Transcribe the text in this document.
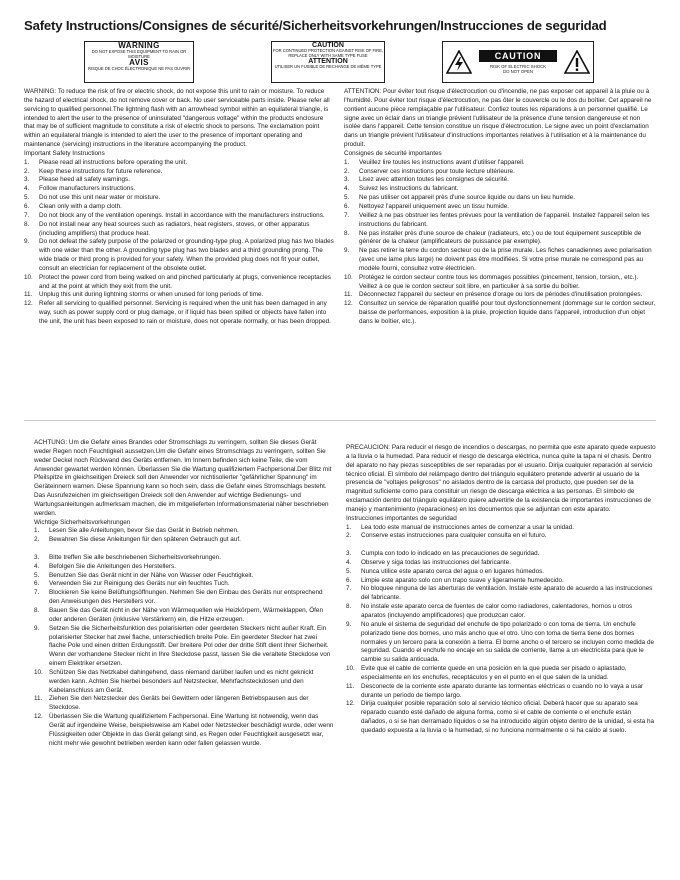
Safety Instructions/Consignes de sécurité/Sicherheitsvorkehrungen/Instrucciones de seguridad
WARNING
DO NOT EXPOSE THIS EQUIPMENT TO RAIN OR MOISTURE
AVIS
RISQUE DE CHOC ÉLECTRONIQUE NE PAS OUVRIR
CAUTION
FOR CONTINUED PROTECTION AGAINST RISK OF FIRE, REPLACE ONLY WITH SAME TYPE FUSE
ATTENTION
UTILISER UN FUSIBLE DE RECHANGE DE MÊME TYPE
CAUTION
RISK OF ELECTRIC SHOCK
DO NOT OPEN

WARNING: To reduce the risk of fire or electric shock, do not expose this unit to rain or moisture. To reduce the hazard of electrical shock, do not remove cover or back. No user serviceable parts inside. Please refer all servicing to qualified personnel.The lightning flash with an arrowhead symbol within an equilateral triangle, is intended to alert the user to the presence of uninsulated "dangerous voltage" within the products enclosure that may be of sufficient magnitude to constitute a risk of electric shock to persons. The exclamation point within an equilateral triangle is intended to alert the user to the presence of important operating and maintenance (servicing) instructions in the literature accompanying the product.

Important Safety Instructions

1. Please read all instructions before operating the unit.
2. Keep these instructions for future reference.
3. Please heed all safety warnings.
4. Follow manufacturers instructions.
5. Do not use this unit near water or moisture.
6. Clean only with a damp cloth.
7. Do not block any of the ventilation openings. Install in accordance with the manufacturers instructions.
8. Do not install near any heat sources such as radiators, heat registers, stoves, or other apparatus (including amplifiers) that produce heat.
9. Do not defeat the safety purpose of the polarized or grounding-type plug. A polarized plug has two blades with one wider than the other. A grounding type plug has two blades and a third grounding prong. The wide blade or third prong is provided for your safety. When the provided plug does not fit your outlet, consult an electrician for replacement of the obsolete outlet.
10. Protect the power cord from being walked on and pinched particularly at plugs, convenience receptacles and at the point at which they exit from the unit.
11. Unplug this unit during lightning storms or when unused for long periods of time.
12. Refer all servicing to qualified personnel. Servicing is required when the unit has been damaged in any way, such as power supply cord or plug damage, or if liquid has been spilled or objects have fallen into the unit, the unit has been exposed to rain or moisture, does not operate normally, or has been dropped.

ATTENTION: Pour éviter tout risque d'électrocution ou d'incendie, ne pas exposer cet appareil à la pluie ou à l'humidité. Pour éviter tout risque d'électrocution, ne pas ôter le couvercle ou le dos du boîtier. Cet appareil ne contient aucune pièce remplaçable par l'utilisateur. Confiez toutes les réparations à un personnel qualifié. Le signe avec un éclair dans un triangle prévient l'utilisateur de la présence d'une tension dangereuse et non isolée dans l'appareil. Cette tension constitue un risque d'électrocution. Le signe avec un point d'exclamation dans un triangle prévient l'utilisateur d'instructions importantes relatives à l'utilisation et à la maintenance du produit.

Consignes de sécurité importantes

1. Veuillez lire toutes les instructions avant d'utiliser l'appareil.
2. Conserver ces instructions pour toute lecture ultérieure.
3. Lisez avec attention toutes les consignes de sécurité.
4. Suivez les instructions du fabricant.
5. Ne pas utiliser cet appareil près d'une source liquide ou dans un lieu humide.
6. Nettoyez l'appareil uniquement avec un tissu humide.
7. Veillez à ne pas obstruer les fentes prévues pour la ventilation de l'appareil. Installez l'appareil selon les instructions du fabricant.
8. Ne pas installer près d'une source de chaleur (radiateurs, etc.) ou de tout équipement susceptible de générer de la chaleur (amplificateurs de puissance par exemple).
9. Ne pas retirer la terre du cordon secteur ou de la prise murale. Les fiches canadiennes avec polarisation (avec une lame plus large) ne doivent pas être modifiées. Si votre prise murale ne correspond pas au modèle fourni, consultez votre électricien.
10. Protégez le cordon secteur contre tous les dommages possibles (pincement, tension, torsion,, etc.). Veillez à ce que le cordon secteur soit libre, en particulier à sa sortie du boîtier.
11. Déconnectez l'appareil du secteur en présence d'orage ou lors de périodes d'inutilisation prolongées.
12. Consultez un service de réparation qualifié pour tout dysfonctionnement (dommage sur le cordon secteur, baisse de performances, exposition à la pluie, projection liquide dans l'appareil, introduction d'un objet dans le boîtier, etc.).

ACHTUNG: Um die Gefahr eines Brandes oder Stromschlags zu verringern, sollten Sie dieses Gerät weder Regen noch Feuchtigkeit aussetzen.Um die Gefahr eines Stromschlags zu verringern, sollten Sie weder Deckel noch Rückwand des Geräts entfernen. Im Innern befinden sich keine Teile, die vom Anwender gewartet werden können. Überlassen Sie die Wartung qualifiziertem Fachpersonal.Der Blitz mit Pfeilspitze im gleichseitigen Dreieck soll den Anwender vor nichtisolierter "gefährlicher Spannung" im Geräteinnern warnen. Diese Spannung kann so hoch sein, dass die Gefahr eines Stromschlags besteht. Das Ausrufezeichen im gleichseitigen Dreieck soll den Anwender auf wichtige Bedienungs- und Wartungsanleitungen aufmerksam machen, die im mitgelieferten Informationsmaterial näher beschrieben werden.

Wichtige Sicherheitsvorkehrungen

1. Lesen Sie alle Anleitungen, bevor Sie das Gerät in Betrieb nehmen.
2. Bewahren Sie diese Anleitungen für den späteren Gebrauch gut auf.
3. Bitte treffen Sie alle beschriebenen Sicherheitsvorkehrungen.
4. Befolgen Sie die Anleitungen des Herstellers.
5. Benutzen Sie das Gerät nicht in der Nähe von Wasser oder Feuchtigkeit.
6. Verwenden Sie zur Reinigung des Geräts nur ein feuchtes Tuch.
7. Blockieren Sie keine Belüftungsöffnungen. Nehmen Sie den Einbau des Geräts nur entsprechend den Anweisungen des Herstellers vor.
8. Bauen Sie das Gerät nicht in der Nähe von Wärmequellen wie Heizkörpern, Wärmeklappen, Öfen oder anderen Geräten (inklusive Verstärkern) ein, die Hitze erzeugen.
9. Setzen Sie die Sicherheitsfunktion des polarisierten oder geerdeten Steckers nicht außer Kraft. Ein polarisierter Stecker hat zwei flache, unterschiedlich breite Pole. Ein geerdeter Stecker hat zwei flache Pole und einen dritten Erdungsstift. Der breitere Pol oder der dritte Stift dient Ihrer Sicherheit. Wenn der vorhandene Stecker nicht in Ihre Steckdose passt, lassen Sie die veraltete Steckdose von einem Elektriker ersetzen.
10. Schützen Sie das Netzkabel dahingehend, dass niemand darüber laufen und es nicht geknickt werden kann. Achten Sie hierbei besonders auf Netzstecker, Mehrfachsteckdosen und den Kabelanschluss am Gerät.
11. Ziehen Sie den Netzstecker des Geräts bei Gewittern oder längeren Betriebspausen aus der Steckdose.
12. Überlassen Sie die Wartung qualifiziertem Fachpersonal. Eine Wartung ist notwendig, wenn das Gerät auf irgendeine Weise, beispielsweise am Kabel oder Netzstecker beschädigt wurde, oder wenn Flüssigkeiten oder Objekte in das Gerät gelangt sind, es Regen oder Feuchtigkeit ausgesetzt war, nicht mehr wie gewohnt betrieben werden kann oder fallen gelassen wurde.

PRECAUCION: Para reducir el riesgo de incendios o descargas, no permita que este aparato quede expuesto a la lluvia o la humedad. Para reducir el riesgo de descarga eléctrica, nunca quite la tapa ni el chasis. Dentro del aparato no hay piezas susceptibles de ser reparadas por el usuario. Dirija cualquier reparación al servicio técnico oficial. El símbolo del relámpago dentro del triángulo equilátero pretende advertir al usuario de la presencia de "voltajes peligrosos" no aislados dentro de la carcasa del producto, que pueden ser de la magnitud suficiente como para constituir un riesgo de descarga eléctrica a las personas. El símbolo de exclamación dentro del triángulo equilátero quiere advertirle de la existencia de importantes instrucciones de manejo y mantenimiento (reparaciones) en los documentos que se adjuntan con este aparato.

Instrucciones importantes de seguridad

1. Lea todo este manual de instrucciones antes de comenzar a usar la unidad.
2. Conserve estas instrucciones para cualquier consulta en el futuro.
3. Cumpla con todo lo indicado en las precauciones de seguridad.
4. Observe y siga todas las instrucciones del fabricante.
5. Nunca utilice este aparato cerca del agua o en lugares húmedos.
6. Limpie este aparato solo con un trapo suave y ligeramente humedecido.
7. No bloquee ninguna de las aberturas de ventilación. Instale este aparato de acuerdo a las instrucciones del fabricante.
8. No instale este aparato cerca de fuentes de calor como radiadores, calentadores, hornos u otros aparatos (incluyendo amplificadores) que produzcan calor.
9. No anule el sistema de seguridad del enchufe de tipo polarizado o con toma de tierra. Un enchufe polarizado tiene dos bornes, uno más ancho que el otro. Uno con toma de tierra tiene dos bornes normales y un tercero para la conexión a tierra. El borne ancho o el tercero se incluyen como medida de seguridad. Cuando el enchufe no encaje en su salida de corriente, llame a un electricista para que le cambie su salida anticuada.
10. Evite que el cable de corriente quede en una posición en la que pueda ser pisado o aplastado, especialmente en los enchufes, receptáculos y en el punto en el que salen de la unidad.
11. Desconecte de la corriente este aparato durante las tormentas eléctricas o cuando no lo vaya a usar durante un periodo de tiempo largo.
12. Dirija cualquier posible reparación solo al servicio técnico oficial. Deberá hacer que su aparato sea reparado cuando esté dañado de alguna forma, como si el cable de corriente o el enchufe están dañados, o si se han derramado líquidos o se ha introducido algún objeto dentro de la unidad, si esta ha quedado expuesta a la lluvia o la humedad, si no funciona normalmente o si ha caído al suelo.
